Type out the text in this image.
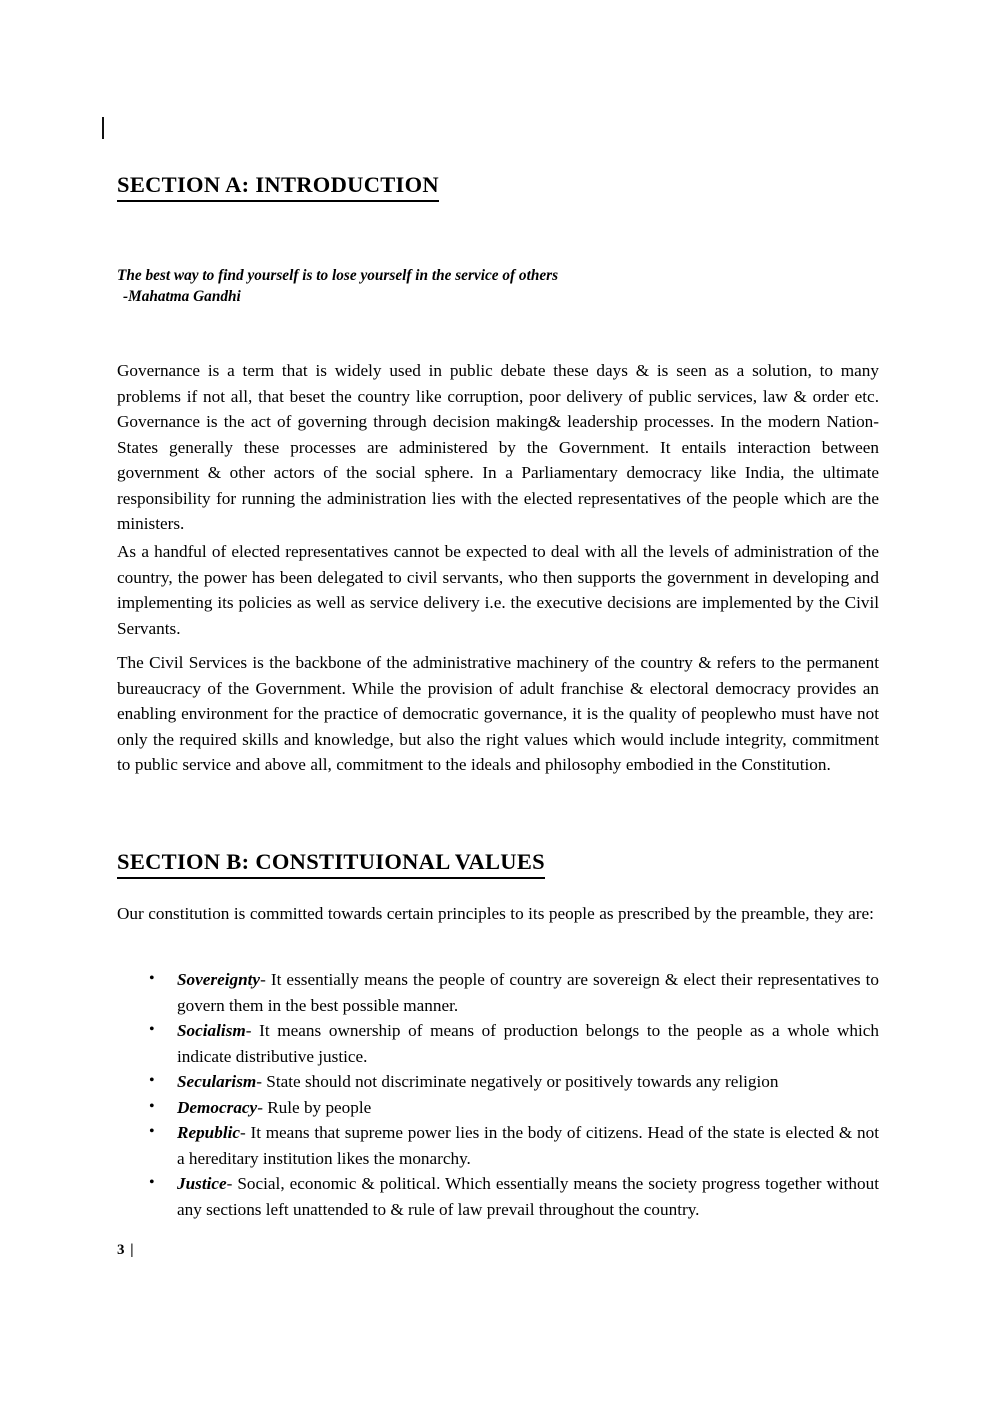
SECTION A: INTRODUCTION
The best way to find yourself is to lose yourself in the service of others
-Mahatma Gandhi

Governance is a term that is widely used in public debate these days & is seen as a solution, to many problems if not all, that beset the country like corruption, poor delivery of public services, law & order etc. Governance is the act of governing through decision making& leadership processes. In the modern Nation-States generally these processes are administered by the Government. It entails interaction between government & other actors of the social sphere. In a Parliamentary democracy like India, the ultimate responsibility for running the administration lies with the elected representatives of the people which are the ministers.

As a handful of elected representatives cannot be expected to deal with all the levels of administration of the country, the power has been delegated to civil servants, who then supports the government in developing and implementing its policies as well as service delivery i.e. the executive decisions are implemented by the Civil Servants.

The Civil Services is the backbone of the administrative machinery of the country & refers to the permanent bureaucracy of the Government. While the provision of adult franchise & electoral democracy provides an enabling environment for the practice of democratic governance, it is the quality of peoplewho must have not only the required skills and knowledge, but also the right values which would include integrity, commitment to public service and above all, commitment to the ideals and philosophy embodied in the Constitution.

SECTION B: CONSTITUIONAL VALUES

Our constitution is committed towards certain principles to its people as prescribed by the preamble, they are:

• Sovereignty- It essentially means the people of country are sovereign & elect their representatives to govern them in the best possible manner.
• Socialism- It means ownership of means of production belongs to the people as a whole which indicate distributive justice.
• Secularism- State should not discriminate negatively or positively towards any religion
• Democracy- Rule by people
• Republic- It means that supreme power lies in the body of citizens. Head of the state is elected & not a hereditary institution likes the monarchy.
• Justice- Social, economic & political. Which essentially means the society progress together without any sections left unattended to & rule of law prevail throughout the country.
3 |
